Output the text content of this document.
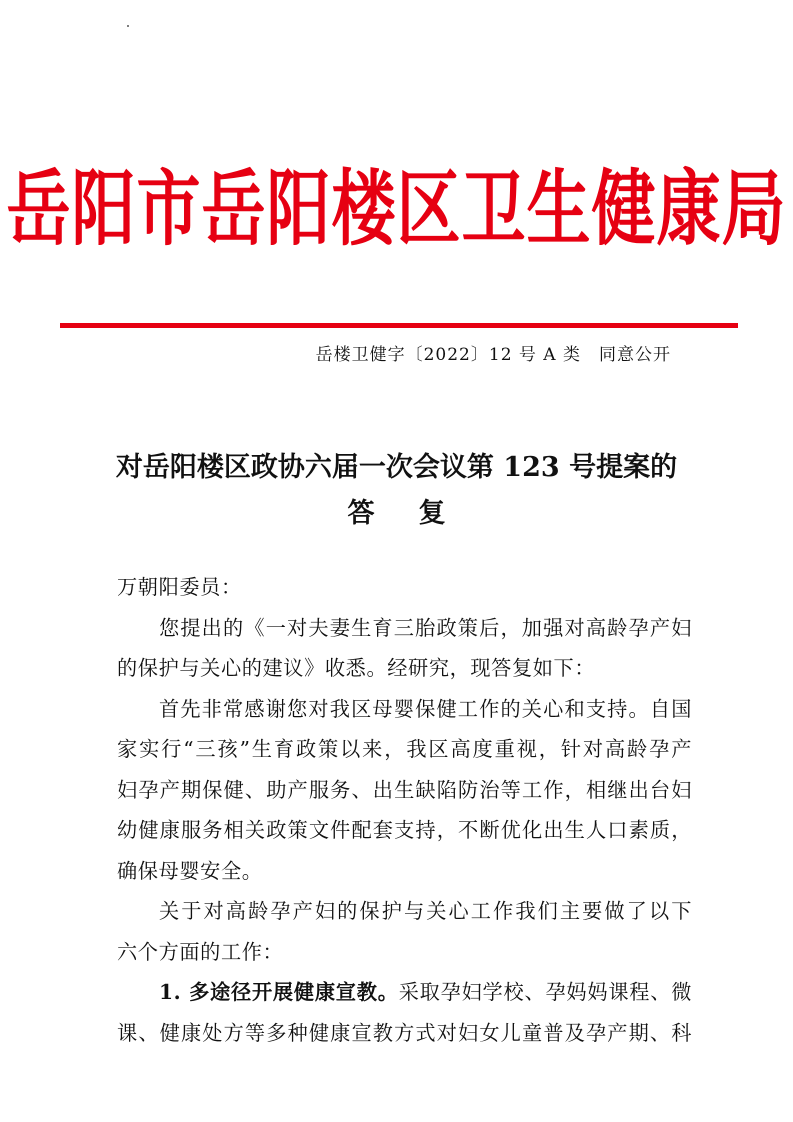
岳阳市岳阳楼区卫生健康局
岳楼卫健字〔2022〕12 号 A 类　同意公开
对岳阳楼区政协六届一次会议第 123 号提案的
答复
万朝阳委员：
您提出的《一对夫妻生育三胎政策后，加强对高龄孕产妇
的保护与关心的建议》收悉。经研究，现答复如下：
首先非常感谢您对我区母婴保健工作的关心和支持。自国
家实行“三孩”生育政策以来，我区高度重视，针对高龄孕产
妇孕产期保健、助产服务、出生缺陷防治等工作，相继出台妇
幼健康服务相关政策文件配套支持，不断优化出生人口素质，
确保母婴安全。
关于对高龄孕产妇的保护与关心工作我们主要做了以下
六个方面的工作：
1. 多途径开展健康宣教。采取孕妇学校、孕妈妈课程、微
课、健康处方等多种健康宣教方式对妇女儿童普及孕产期、科
